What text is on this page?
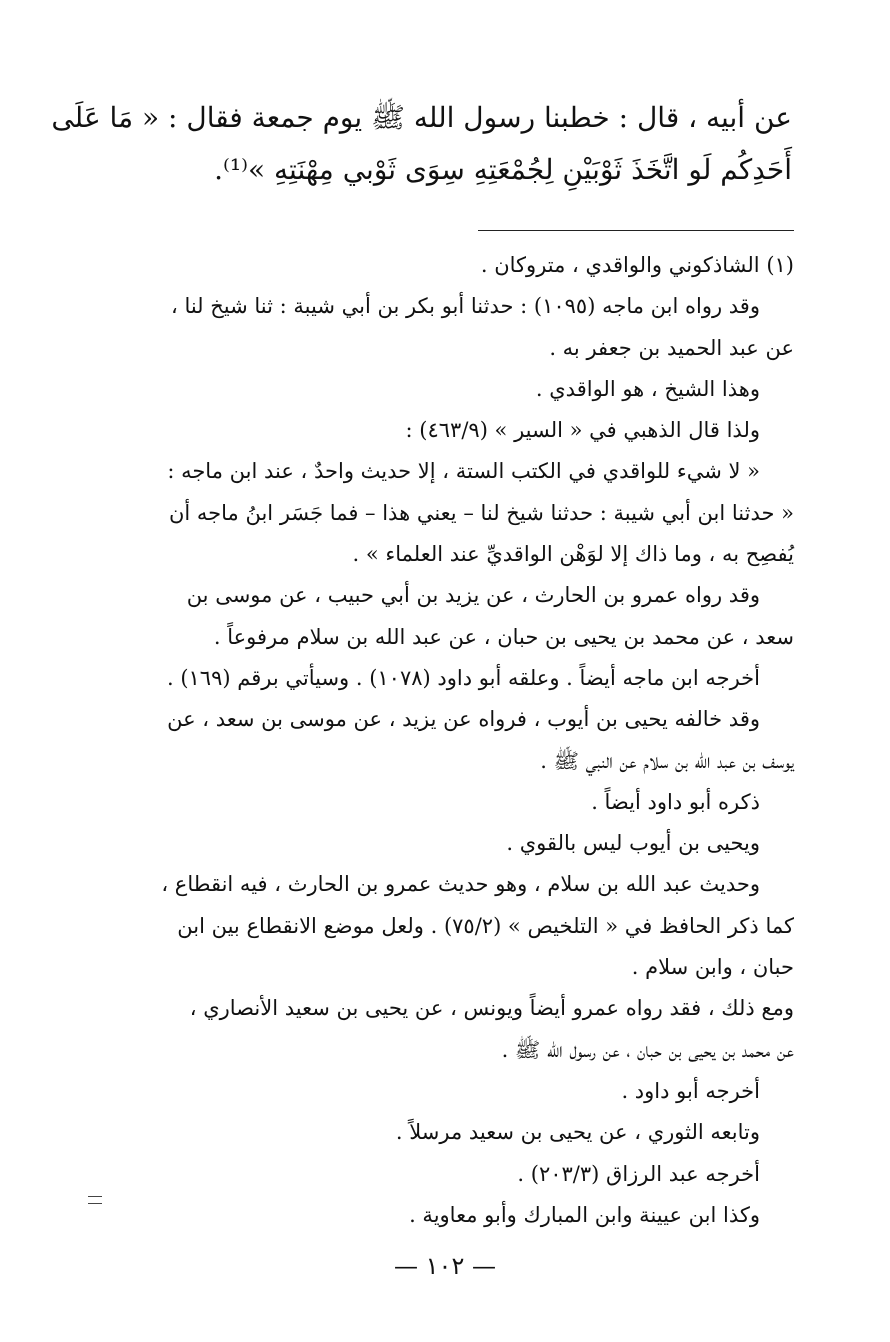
عن أبيه ، قال : خطبنا رسول الله ﷺ يوم جمعة فقال : « مَا عَلَى

أَحَدِكُم لَو اتَّخَذَ ثَوْبَيْنِ لِجُمْعَتِهِ سِوَى ثَوْبي مِهْنَتِهِ »⁽¹⁾.

(١) الشاذكوني والواقدي ، متروكان .

وقد رواه ابن ماجه (١٠٩٥) : حدثنا أبو بكر بن أبي شيبة : ثنا شيخ لنا ،

عن عبد الحميد بن جعفر به .

وهذا الشيخ ، هو الواقدي .

ولذا قال الذهبي في « السير » (٤٦٣/٩) :

« لا شيء للواقدي في الكتب الستة ، إلا حديث واحدٌ ، عند ابن ماجه :

« حدثنا ابن أبي شيبة : حدثنا شيخ لنا – يعني هذا – فما جَسَر ابنُ ماجه أن

يُفصِح به ، وما ذاك إلا لوَهْن الواقديِّ عند العلماء » .

وقد رواه عمرو بن الحارث ، عن يزيد بن أبي حبيب ، عن موسى بن

سعد ، عن محمد بن يحيى بن حبان ، عن عبد الله بن سلام مرفوعاً .

أخرجه ابن ماجه أيضاً . وعلقه أبو داود (١٠٧٨) . وسيأتي برقم (١٦٩) .

وقد خالفه يحيى بن أيوب ، فرواه عن يزيد ، عن موسى بن سعد ، عن

يوسف بن عبد الله بن سلام عن النبي ﷺ .

ذكره أبو داود أيضاً .

ويحيى بن أيوب ليس بالقوي .

وحديث عبد الله بن سلام ، وهو حديث عمرو بن الحارث ، فيه انقطاع ،

كما ذكر الحافظ في « التلخيص » (٧٥/٢) . ولعل موضع الانقطاع بين ابن

حبان ، وابن سلام .

ومع ذلك ، فقد رواه عمرو أيضاً ويونس ، عن يحيى بن سعيد الأنصاري ،

عن محمد بن يحيى بن حبان ، عن رسول الله ﷺ .

أخرجه أبو داود .

وتابعه الثوري ، عن يحيى بن سعيد مرسلاً .

أخرجه عبد الرزاق (٢٠٣/٣) .

وكذا ابن عيينة وابن المبارك وأبو معاوية .

— ١٠٢ —
